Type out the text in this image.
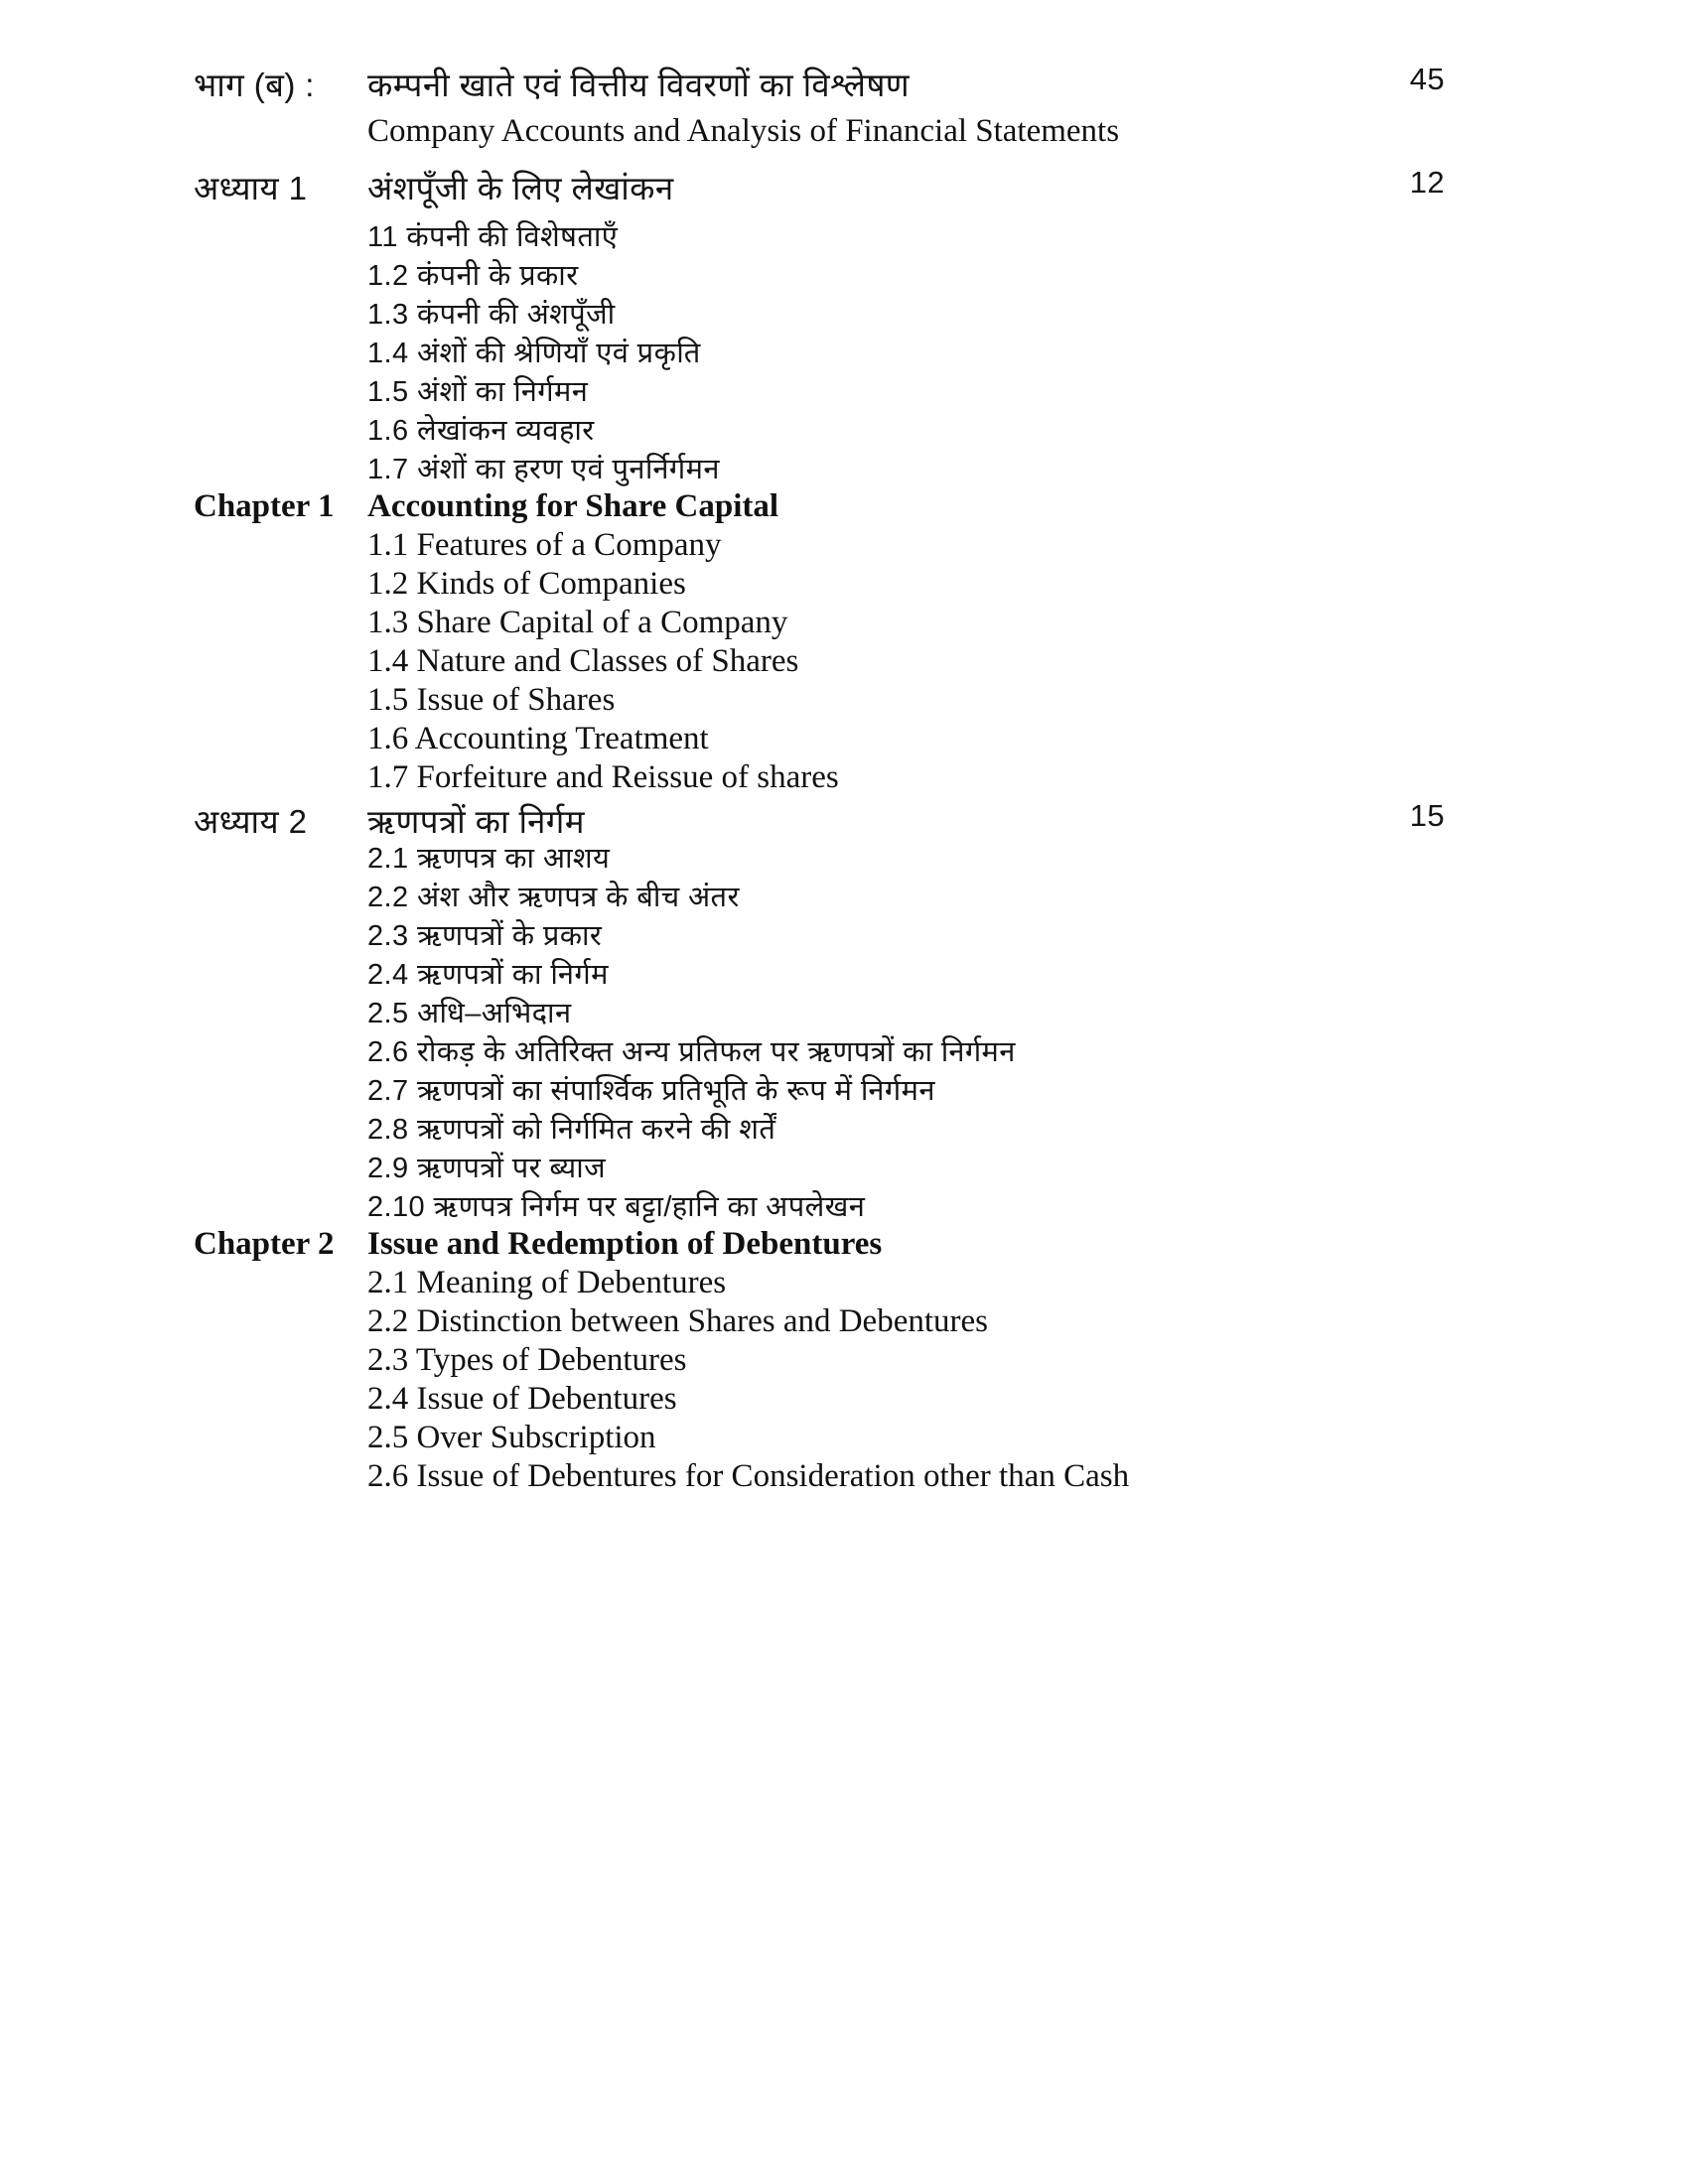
भाग (ब) :	कम्पनी खाते एवं वित्तीय विवरणों का विश्लेषण	45
Company Accounts and Analysis of Financial Statements
अध्याय 1	अंशपूँजी के लिए लेखांकन	12
11 कंपनी की विशेषताएँ
1.2 कंपनी के प्रकार
1.3 कंपनी की अंशपूँजी
1.4 अंशों की श्रेणियाँ एवं प्रकृति
1.5 अंशों का निर्गमन
1.6 लेखांकन व्यवहार
1.7 अंशों का हरण एवं पुनर्निर्गमन
Chapter 1	Accounting for Share Capital
1.1 Features of a Company
1.2 Kinds of Companies
1.3 Share Capital of a Company
1.4 Nature and Classes of Shares
1.5 Issue of Shares
1.6 Accounting Treatment
1.7 Forfeiture and Reissue of shares
अध्याय 2	ऋणपत्रों का निर्गम	15
2.1 ऋणपत्र का आशय
2.2 अंश और ऋणपत्र के बीच अंतर
2.3 ऋणपत्रों के प्रकार
2.4 ऋणपत्रों का निर्गम
2.5 अधि–अभिदान
2.6 रोकड़ के अतिरिक्त अन्य प्रतिफल पर ऋणपत्रों का निर्गमन
2.7 ऋणपत्रों का संपार्श्विक प्रतिभूति के रूप में निर्गमन
2.8 ऋणपत्रों को निर्गमित करने की शर्तें
2.9 ऋणपत्रों पर ब्याज
2.10 ऋणपत्र निर्गम पर बट्टा/हानि का अपलेखन
Chapter 2	Issue and Redemption of Debentures
2.1 Meaning of Debentures
2.2 Distinction between Shares and Debentures
2.3 Types of Debentures
2.4 Issue of Debentures
2.5 Over Subscription
2.6 Issue of Debentures for Consideration other than Cash
